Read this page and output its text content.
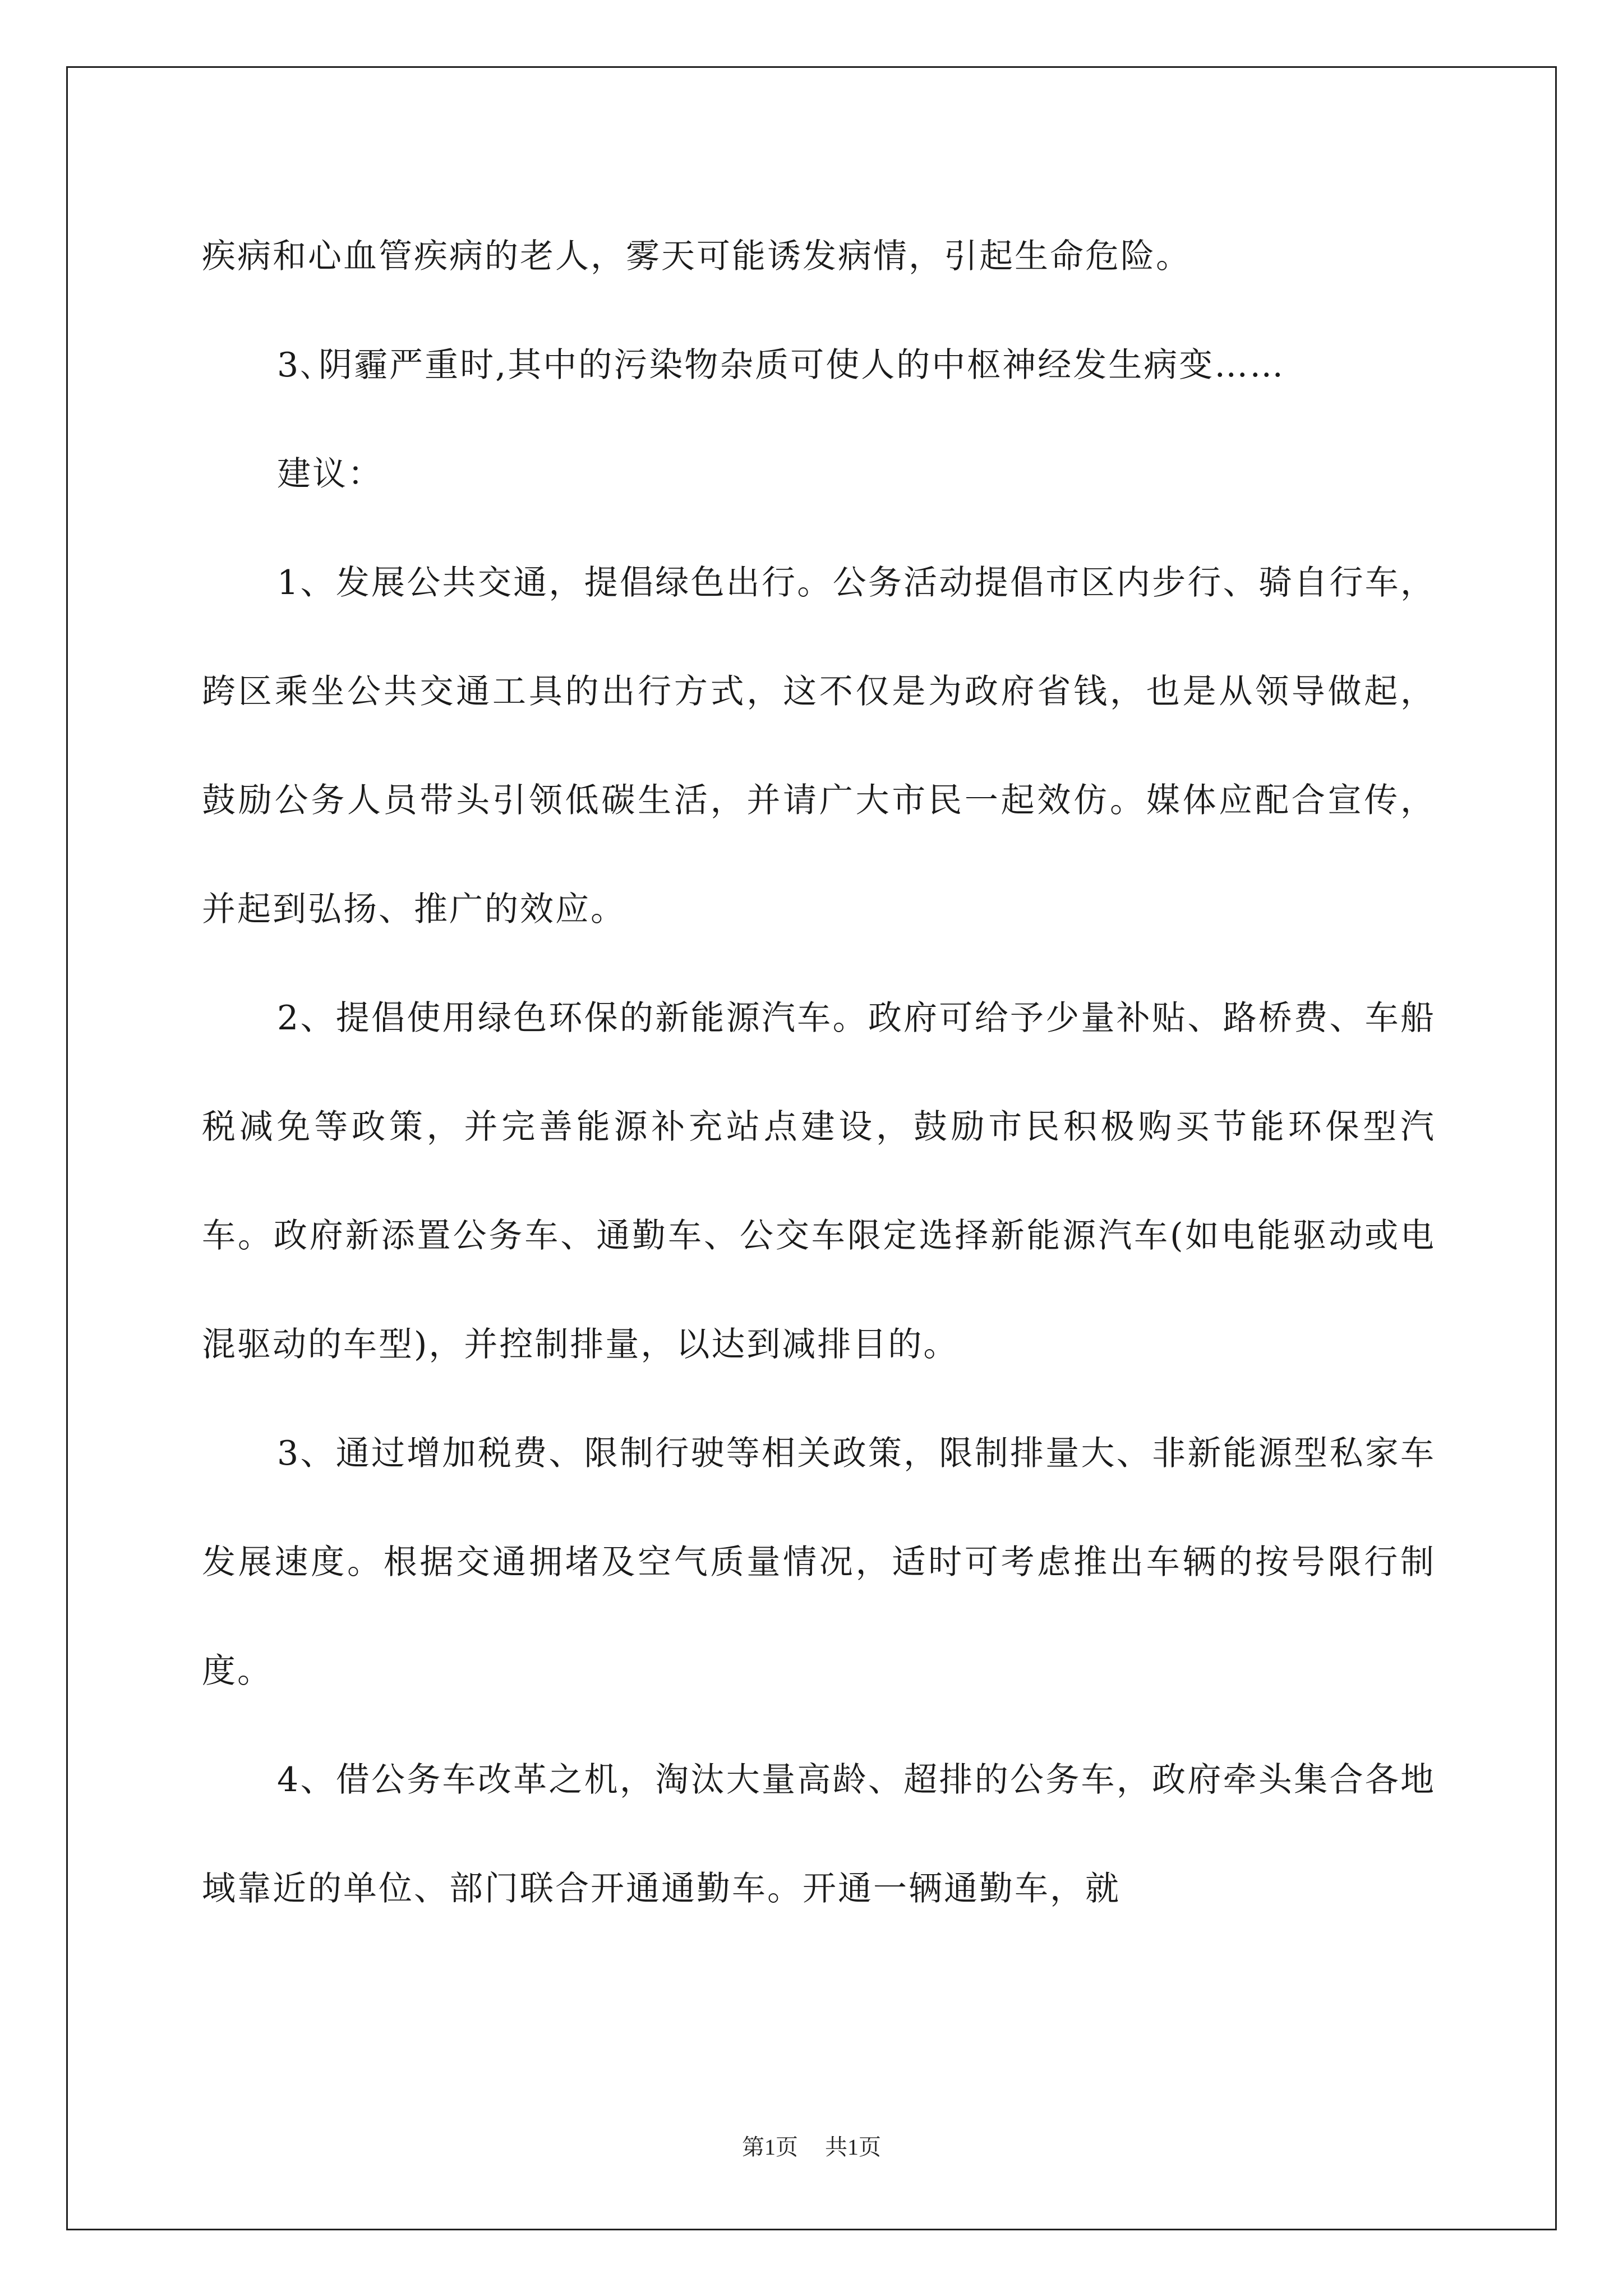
疾病和心血管疾病的老人，雾天可能诱发病情，引起生命危险。

3､阴霾严重时,其中的污染物杂质可使人的中枢神经发生病变……

建议：

1、发展公共交通，提倡绿色出行。公务活动提倡市区内步行、骑自行车，跨区乘坐公共交通工具的出行方式，这不仅是为政府省钱，也是从领导做起，鼓励公务人员带头引领低碳生活，并请广大市民一起效仿。媒体应配合宣传，并起到弘扬、推广的效应。

2、提倡使用绿色环保的新能源汽车。政府可给予少量补贴、路桥费、车船税减免等政策，并完善能源补充站点建设，鼓励市民积极购买节能环保型汽车。政府新添置公务车、通勤车、公交车限定选择新能源汽车(如电能驱动或电混驱动的车型)，并控制排量，以达到减排目的。

3、通过增加税费、限制行驶等相关政策，限制排量大、非新能源型私家车发展速度。根据交通拥堵及空气质量情况，适时可考虑推出车辆的按号限行制度。

4、借公务车改革之机，淘汰大量高龄、超排的公务车，政府牵头集合各地域靠近的单位、部门联合开通通勤车。开通一辆通勤车，就

第1页 共1页
